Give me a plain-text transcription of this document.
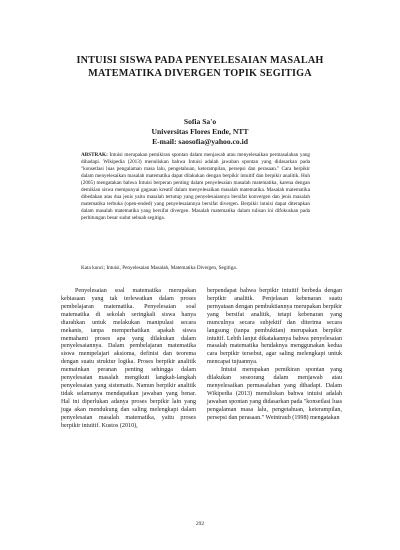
INTUISI SISWA PADA PENYELESAIAN MASALAH
MATEMATIKA DIVERGEN TOPIK SEGITIGA
Sofia Sa'o
Universitas Flores Ende, NTT
E-mail: saosofia@yahoo.co.id
ABSTRAK: Intuisi merupakan pemikiran spontan dalam menjawab atau menyelesaikan permasalahan yang dihadapi. Wikipedia (2013) menuliskan bahwa Intuisi adalah jawaban spontan yang didasarkan pada "konsetlasi luas pengalaman masa lalu, pengetahuan, keterampilan, persepsi dan perasaan." Cara berpikir dalam menyelesaikan masalah matematika dapat dilakukan dengan berpikir intuitif dan berpikir analitik. Huh (2005) mengatakan bahwa Intuisi berperan penting dalam penyelesaian masalah matematika, karena dengan demikian siswa mempunyai gagasan kreatif dalam menyelesaikan masalah matematika. Masalah matematika dibedakan atas dua jenis yaitu masalah tertutup yang penyelesaiannya bersifat konvergen dan jenis masalah matematika terbuka (open-ended) yang penyelesaiannya bersifat divergen. Berpikir intuisi dapat diterapkan dalam masalah matematika yang bersifat divergen. Masalah matematika dalam tulisan ini difokuskan pada perhitungan besar sudut sebuah segitiga.
Kata kunci; Intuisi, Penyelesaian Masalah, Matematika Divergen, Segitiga.

Penyelesaian soal matematika merupakan kebiasaan yang tak terlewatkan dalam proses pembelajaran matematika. Penyelesaian soal matematika di sekolah seringkali siswa hanya diarahkan untuk melakukan manipulasi secara mekanis, tanpa memperhatikan apakah siswa memahami proses apa yang dilakukan dalam penyelesaiannya. Dalam pembelajaran matematika siswa mempelajari aksioma, definisi dan teorema dengan suatu struktur logika. Proses berpikir analitik memainkan peranan penting sehingga dalam penyelesaian masalah mengikuti langkah-langkah penyelesaian yang sistematis. Namun berpikir analitik tidak selamanya mendapatkan jawaban yang benar. Hal ini diperlukan adanya proses berpikir lain yang juga akan mendukung dan saling melengkapi dalam penyelesaian masalah matematika, yaitu proses berpikir intuitif. Kustos (2010),

berpendapat bahwa berpikir intuitif berbeda dengan berpikir analitik. Penjelasan kebenaran suatu pernyataan dengan pembuktiannya merupakan berpikir yang bersifat analitik, tetapi kebenaran yang munculnya secara subjektif dan diterima secara langsung (tanpa pembuktian) merupakan berpikir intuitif. Lebih lanjut dikatakannya bahwa penyelesaian masalah matematika hendaknya menggunakan kedua cara berpikir tersebut, agar saling melengkapi untuk mencapai tujuannya.

Intuisi merupakan pemikiran spontan yang dilakukan seseorang dalam menjawab atau menyelesaikan permasalahan yang dihadapi. Dalam Wikipedia (2013) menuliskan bahwa intuisi adalah jawaban spontan yang didasarkan pada "konsetlasi luas pengalaman masa lalu, pengetahuan, keterampilan, persepsi dan perasaan." Weintraub (1998) mengatakan

292
